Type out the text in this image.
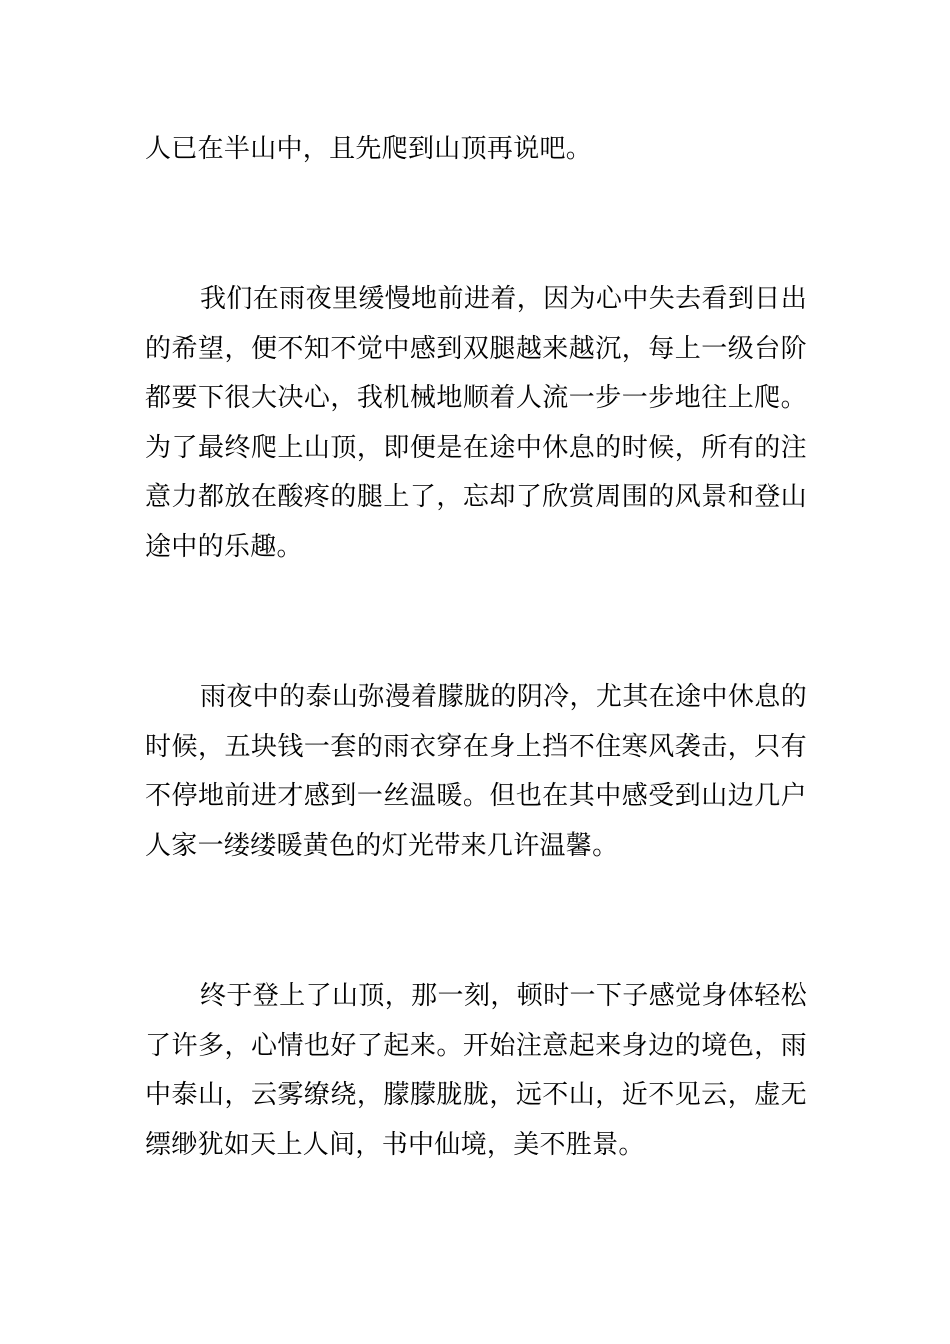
人已在半山中，且先爬到山顶再说吧。

我们在雨夜里缓慢地前进着，因为心中失去看到日出的希望，便不知不觉中感到双腿越来越沉，每上一级台阶都要下很大决心，我机械地顺着人流一步一步地往上爬。为了最终爬上山顶，即便是在途中休息的时候，所有的注意力都放在酸疼的腿上了，忘却了欣赏周围的风景和登山途中的乐趣。

雨夜中的泰山弥漫着朦胧的阴冷，尤其在途中休息的时候，五块钱一套的雨衣穿在身上挡不住寒风袭击，只有不停地前进才感到一丝温暖。但也在其中感受到山边几户人家一缕缕暖黄色的灯光带来几许温馨。

终于登上了山顶，那一刻，顿时一下子感觉身体轻松了许多，心情也好了起来。开始注意起来身边的境色，雨中泰山，云雾缭绕，朦朦胧胧，远不山，近不见云，虚无缥缈犹如天上人间，书中仙境，美不胜景。
